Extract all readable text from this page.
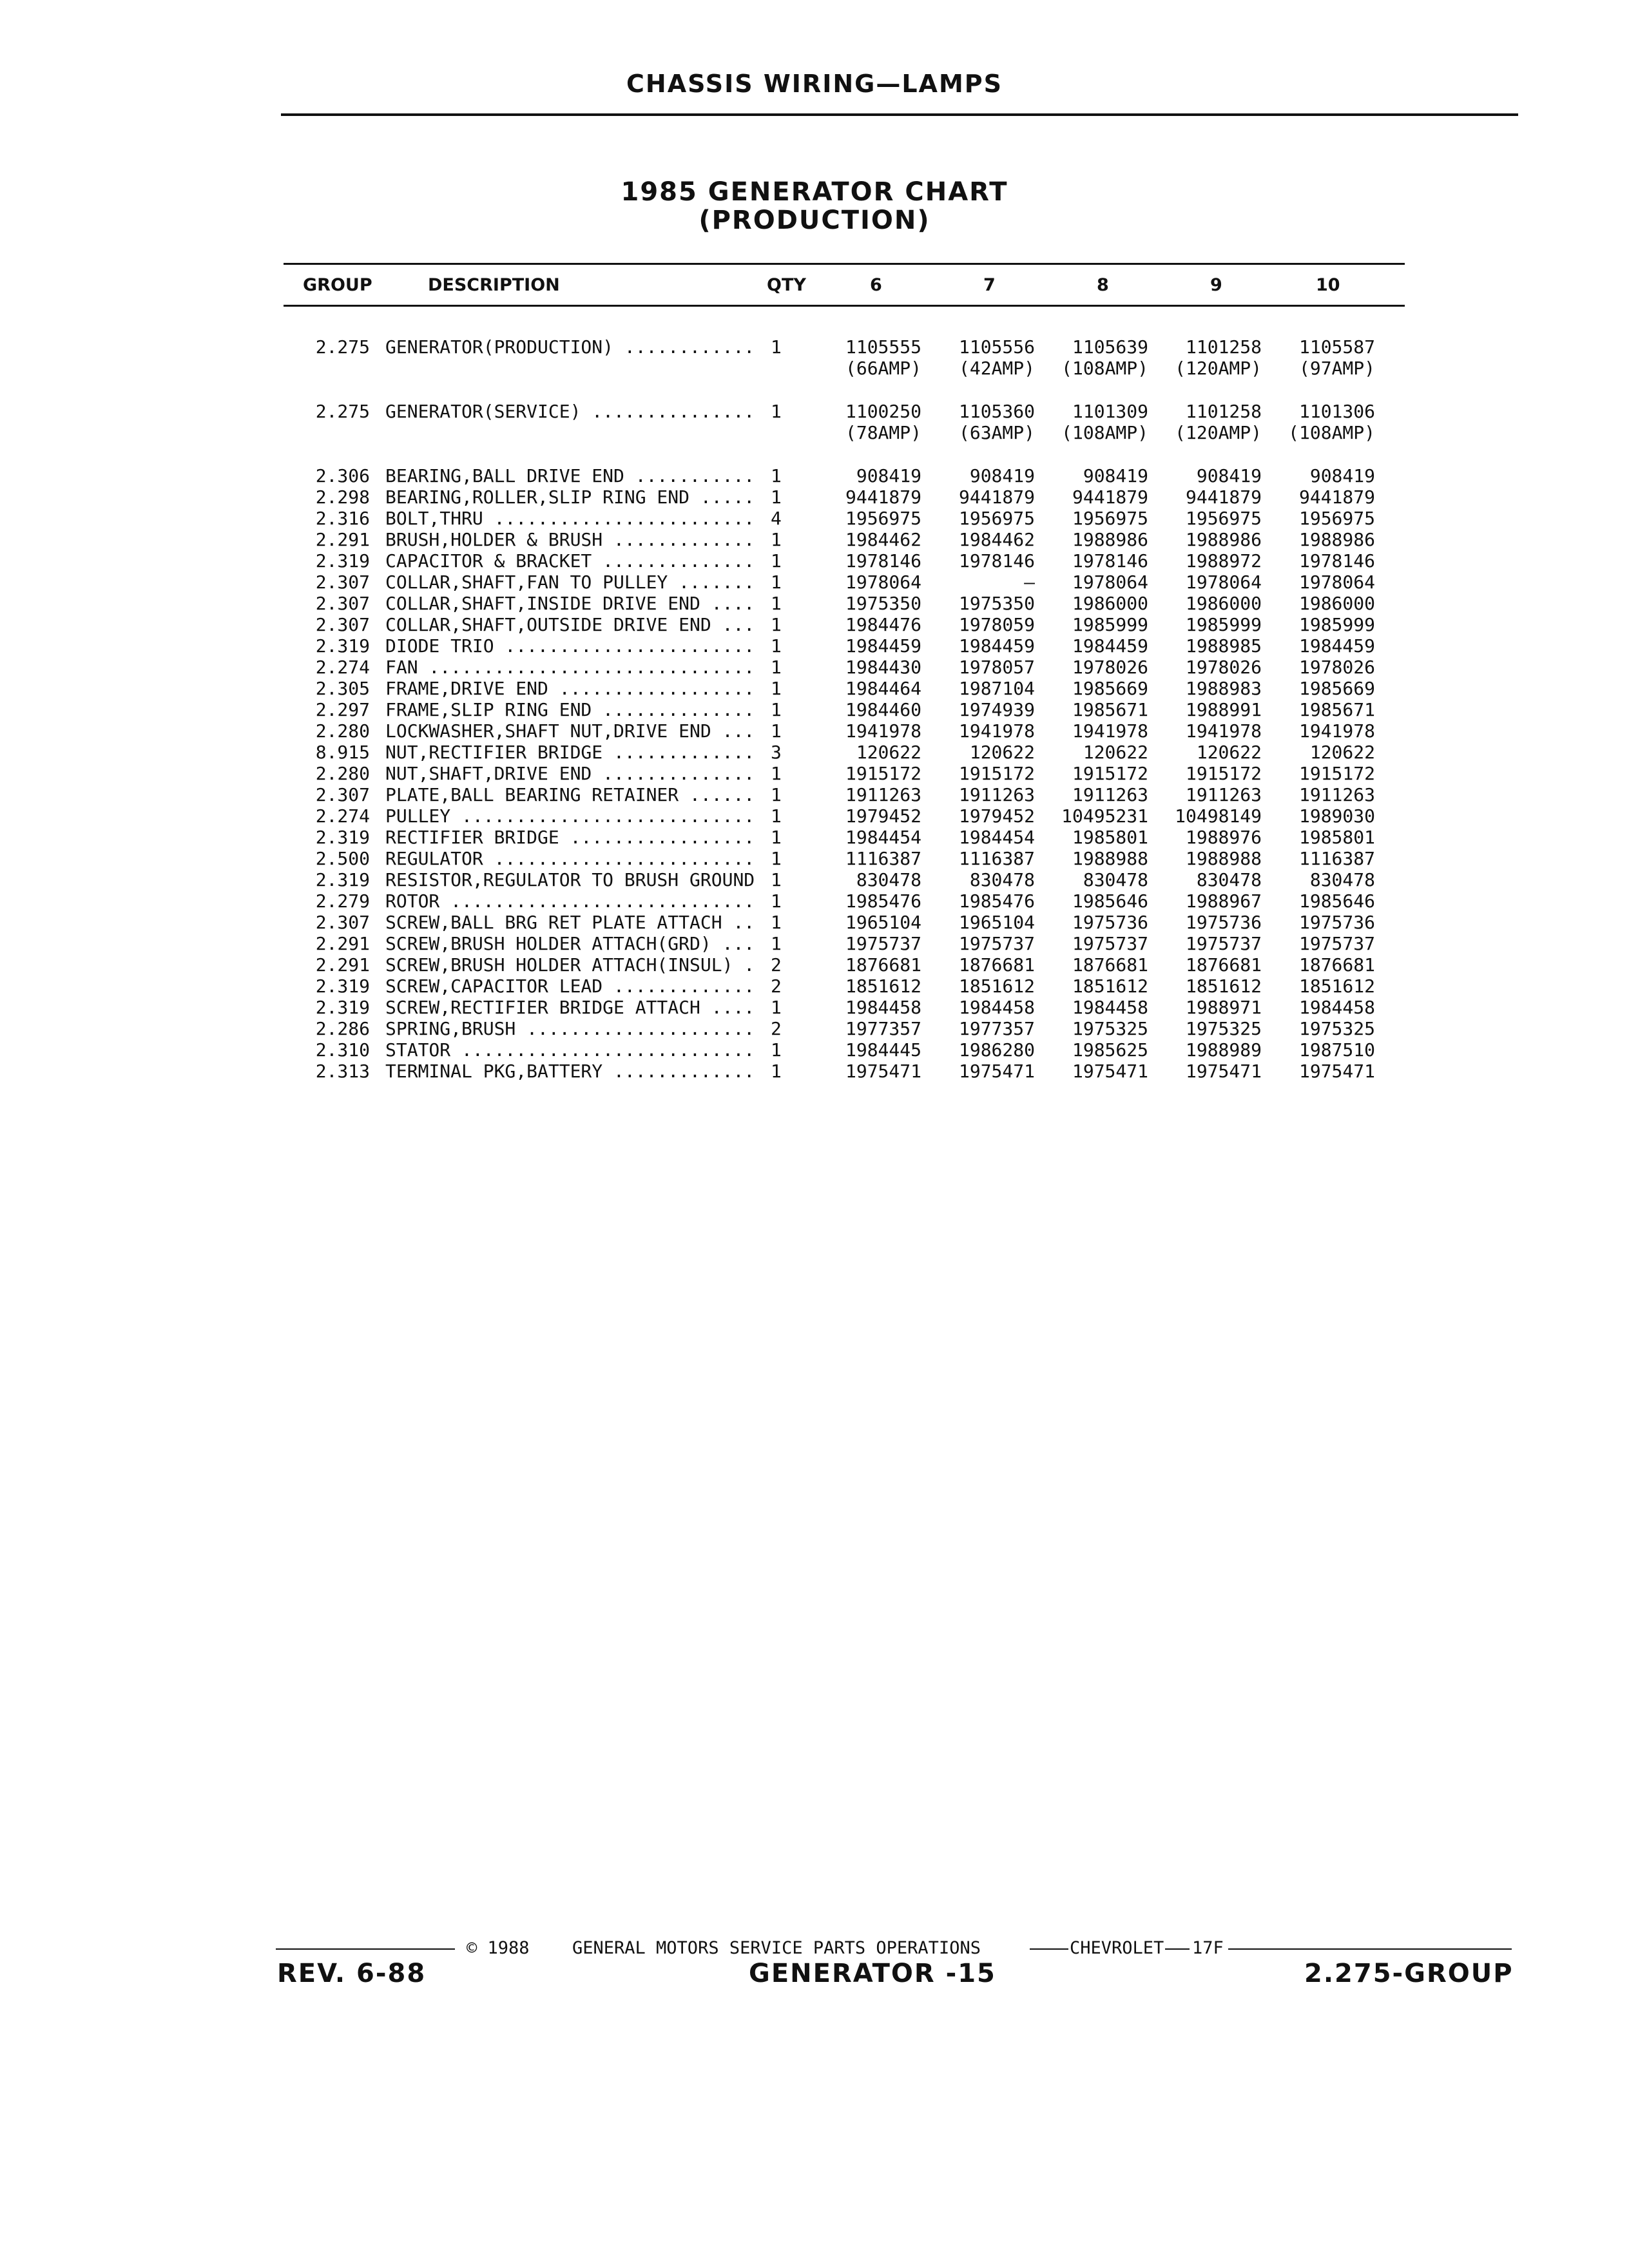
CHASSIS WIRING—LAMPS
1985 GENERATOR CHART
(PRODUCTION)
GROUP	DESCRIPTION	QTY	6	7	8	9	10
2.275 GENERATOR(PRODUCTION) ............ 1	1105555	1105556	1105639	1101258	1105587
(66AMP)	(42AMP)	(108AMP)	(120AMP)	(97AMP)
2.275 GENERATOR(SERVICE) ............... 1	1100250	1105360	1101309	1101258	1101306
(78AMP)	(63AMP)	(108AMP)	(120AMP)	(108AMP)
2.306 BEARING,BALL DRIVE END ........... 1	908419	908419	908419	908419	908419
2.298 BEARING,ROLLER,SLIP RING END ..... 1	9441879	9441879	9441879	9441879	9441879
2.316 BOLT,THRU ........................ 4	1956975	1956975	1956975	1956975	1956975
2.291 BRUSH,HOLDER & BRUSH ............. 1	1984462	1984462	1988986	1988986	1988986
2.319 CAPACITOR & BRACKET .............. 1	1978146	1978146	1978146	1988972	1978146
2.307 COLLAR,SHAFT,FAN TO PULLEY ....... 1	1978064	—	1978064	1978064	1978064
2.307 COLLAR,SHAFT,INSIDE DRIVE END .... 1	1975350	1975350	1986000	1986000	1986000
2.307 COLLAR,SHAFT,OUTSIDE DRIVE END ... 1	1984476	1978059	1985999	1985999	1985999
2.319 DIODE TRIO ....................... 1	1984459	1984459	1984459	1988985	1984459
2.274 FAN .............................. 1	1984430	1978057	1978026	1978026	1978026
2.305 FRAME,DRIVE END .................. 1	1984464	1987104	1985669	1988983	1985669
2.297 FRAME,SLIP RING END .............. 1	1984460	1974939	1985671	1988991	1985671
2.280 LOCKWASHER,SHAFT NUT,DRIVE END ... 1	1941978	1941978	1941978	1941978	1941978
8.915 NUT,RECTIFIER BRIDGE ............. 3	120622	120622	120622	120622	120622
2.280 NUT,SHAFT,DRIVE END .............. 1	1915172	1915172	1915172	1915172	1915172
2.307 PLATE,BALL BEARING RETAINER ...... 1	1911263	1911263	1911263	1911263	1911263
2.274 PULLEY ........................... 1	1979452	1979452	10495231	10498149	1989030
2.319 RECTIFIER BRIDGE ................. 1	1984454	1984454	1985801	1988976	1985801
2.500 REGULATOR ........................ 1	1116387	1116387	1988988	1988988	1116387
2.319 RESISTOR,REGULATOR TO BRUSH GROUND 1	830478	830478	830478	830478	830478
2.279 ROTOR ............................ 1	1985476	1985476	1985646	1988967	1985646
2.307 SCREW,BALL BRG RET PLATE ATTACH .. 1	1965104	1965104	1975736	1975736	1975736
2.291 SCREW,BRUSH HOLDER ATTACH(GRD) ... 1	1975737	1975737	1975737	1975737	1975737
2.291 SCREW,BRUSH HOLDER ATTACH(INSUL) . 2	1876681	1876681	1876681	1876681	1876681
2.319 SCREW,CAPACITOR LEAD ............. 2	1851612	1851612	1851612	1851612	1851612
2.319 SCREW,RECTIFIER BRIDGE ATTACH .... 1	1984458	1984458	1984458	1988971	1984458
2.286 SPRING,BRUSH ..................... 2	1977357	1977357	1975325	1975325	1975325
2.310 STATOR ........................... 1	1984445	1986280	1985625	1988989	1987510
2.313 TERMINAL PKG,BATTERY ............. 1	1975471	1975471	1975471	1975471	1975471
© 1988 GENERAL MOTORS SERVICE PARTS OPERATIONS	CHEVROLET 17F
REV. 6-88	GENERATOR -15	2.275-GROUP
